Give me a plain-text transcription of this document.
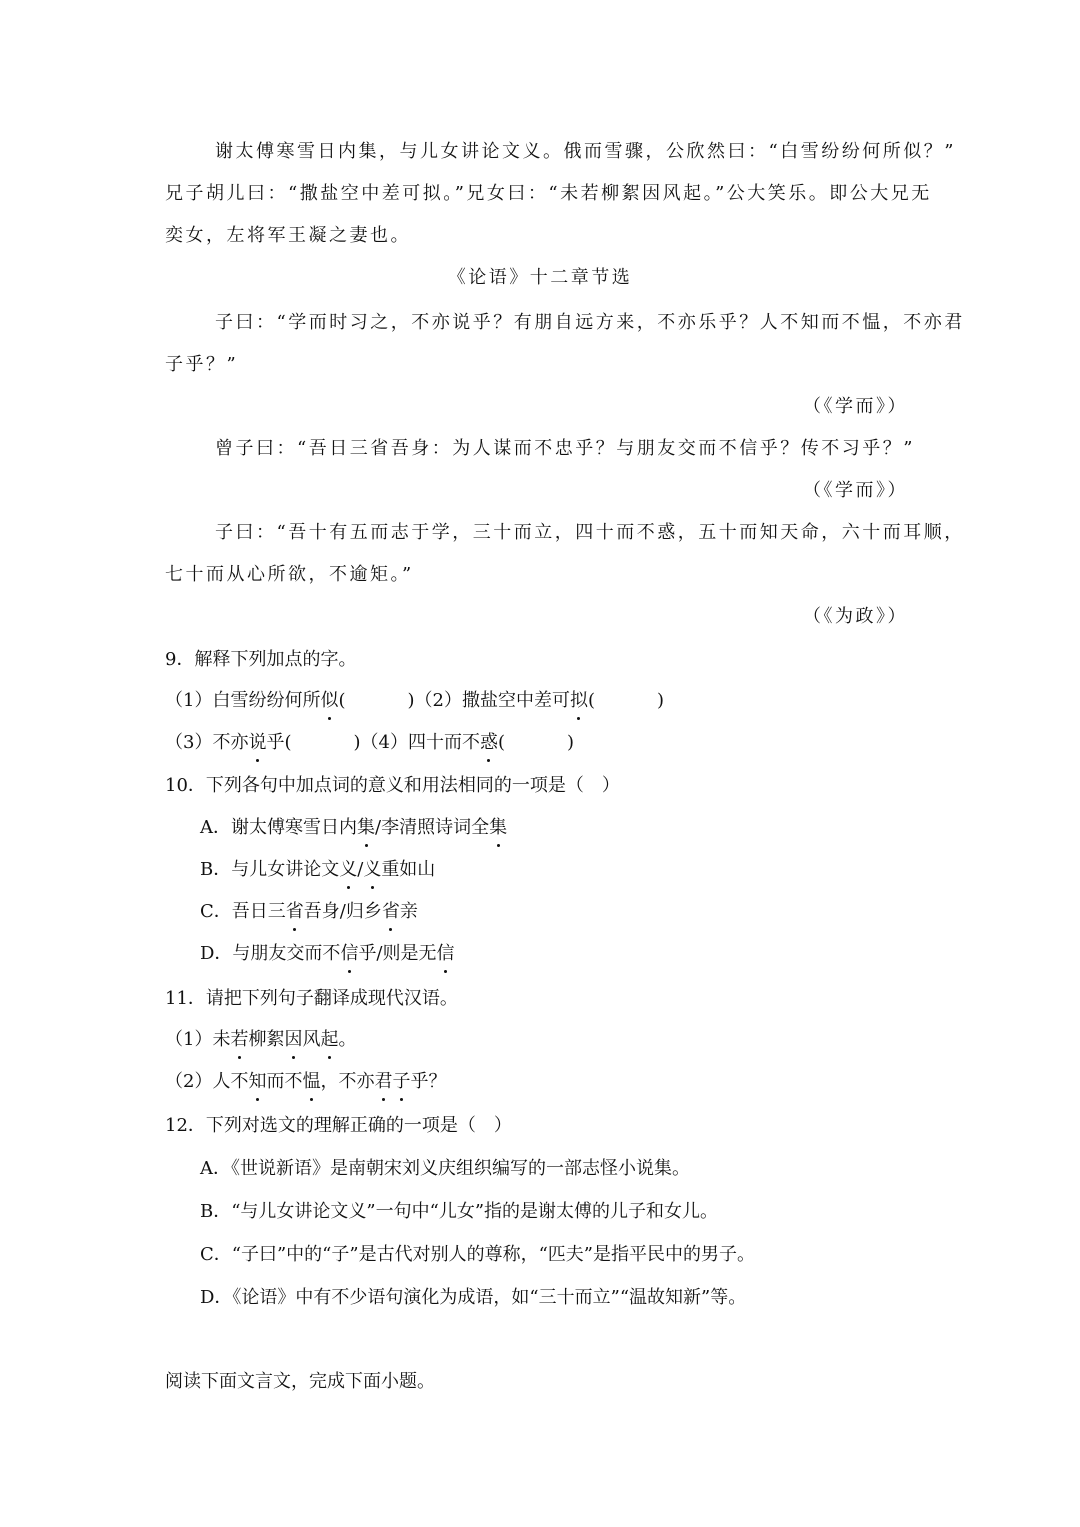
谢太傅寒雪日内集，与儿女讲论文义。俄而雪骤，公欣然曰：“白雪纷纷何所似？”
兄子胡儿曰：“撒盐空中差可拟。”兄女曰：“未若柳絮因风起。”公大笑乐。即公大兄无
奕女，左将军王凝之妻也。
《论语》十二章节选
子曰：“学而时习之，不亦说乎？有朋自远方来，不亦乐乎？人不知而不愠，不亦君
子乎？”
（《学而》）
曾子曰：“吾日三省吾身：为人谋而不忠乎？与朋友交而不信乎？传不习乎？”
（《学而》）
子曰：“吾十有五而志于学，三十而立，四十而不惑，五十而知天命，六十而耳顺，
七十而从心所欲，不逾矩。”
（《为政》）
9．解释下列加点的字。
（1）白雪纷纷何所似(	)（2）撒盐空中差可拟(	)
（3）不亦说乎(	)（4）四十而不惑(	)
10．下列各句中加点词的意义和用法相同的一项是（　）
A．谢太傅寒雪日内集/李清照诗词全集
B．与儿女讲论文义/义重如山
C．吾日三省吾身/归乡省亲
D．与朋友交而不信乎/则是无信
11．请把下列句子翻译成现代汉语。
（1）未若柳絮因风起。
（2）人不知而不愠，不亦君子乎？
12．下列对选文的理解正确的一项是（　）
A．《世说新语》是南朝宋刘义庆组织编写的一部志怪小说集。
B．“与儿女讲论文义”一句中“儿女”指的是谢太傅的儿子和女儿。
C．“子曰”中的“子”是古代对别人的尊称，“匹夫”是指平民中的男子。
D．《论语》中有不少语句演化为成语，如“三十而立”“温故知新”等。
阅读下面文言文，完成下面小题。
